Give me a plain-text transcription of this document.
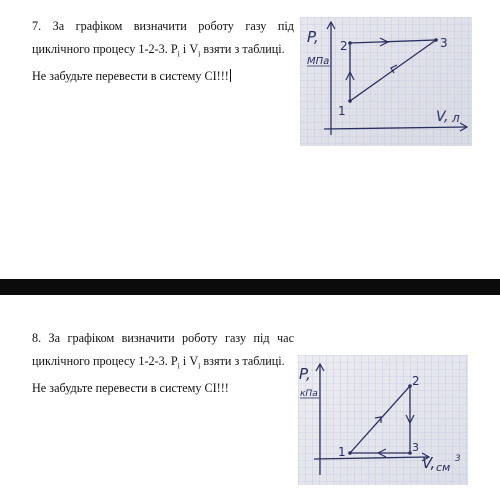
7. За графіком визначити роботу газу під
циклічного процесу 1-2-3. $P_i$ і $V_i$ взяти з таблиці.
Не забудьте перевести в систему СІ!!!
P,
МПа
V, л
1
2	3
8. За графіком визначити роботу газу під час
циклічного процесу 1-2-3. $P_i$ і $V_i$ взяти з таблиці.
Не забудьте перевести в систему СІ!!!
P,
кПа
V, см
3
1
2
3
